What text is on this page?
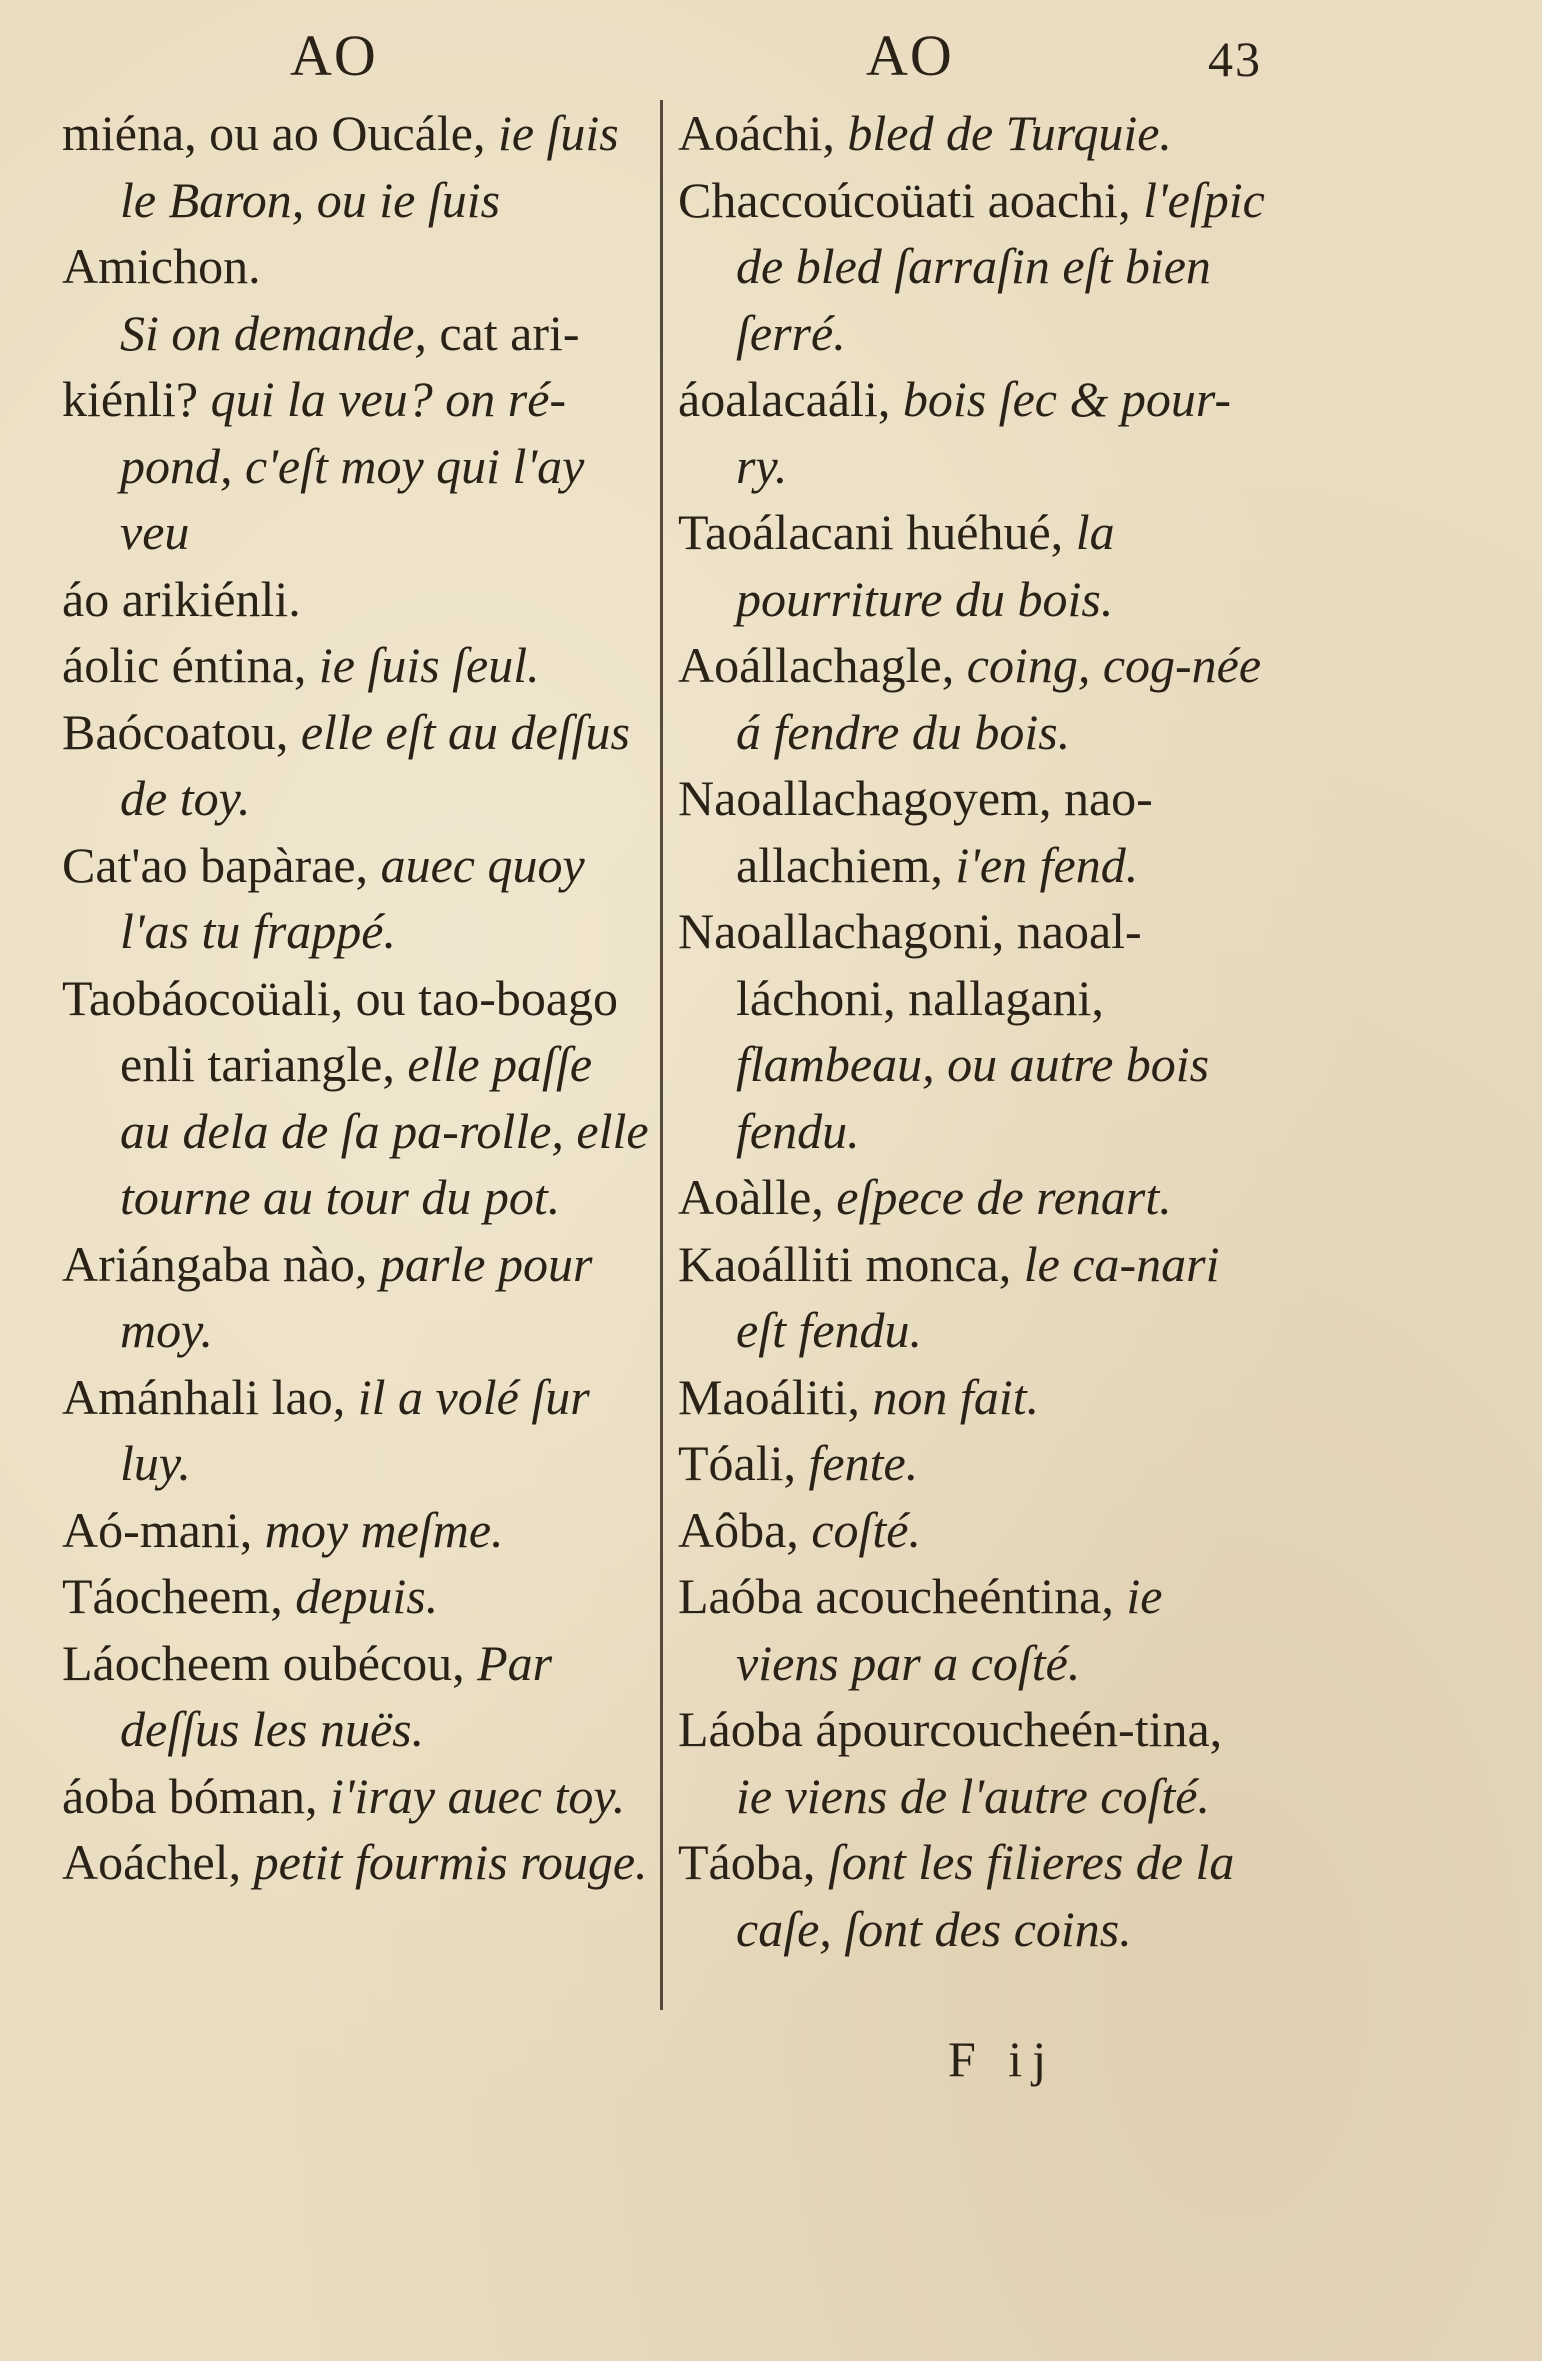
AO	AO	43

miéna, ou ao Oucále, ie ſuis le Baron, ou ie ſuis

Amichon.

Si on demande, cat ari-

kiénli? qui la veu? on ré-pond, c'eſt moy qui l'ay veu

áo arikiénli.

áolic éntina, ie ſuis ſeul.

Baócoatou, elle eſt au deſſus de toy.

Cat'ao bapàrae, auec quoy l'as tu frappé.

Taobáocoüali, ou tao-boago enli tariangle, elle paſſe au dela de ſa pa-rolle, elle tourne au tour du pot.

Ariángaba nào, parle pour moy.

Amánhali lao, il a volé ſur luy.

Aó-mani, moy meſme.

Táocheem, depuis.

Láocheem oubécou, Par deſſus les nuës.

áoba bóman, i'iray auec toy.

Aoáchel, petit fourmis rouge.

Aoáchi, bled de Turquie.

Chaccoúcoüati aoachi, l'eſpic de bled ſarraſin eſt bien ſerré.

áoalacaáli, bois ſec & pour-ry.

Taoálacani huéhué, la pourriture du bois.

Aoállachagle, coing, cog-née á fendre du bois.

Naoallachagoyem, nao-allachiem, i'en fend.

Naoallachagoni, naoal-láchoni, nallagani, flambeau, ou autre bois fendu.

Aoàlle, eſpece de renart.

Kaoálliti monca, le ca-nari eſt fendu.

Maoáliti, non fait.

Tóali, fente.

Aôba, coſté.

Laóba acoucheéntina, ie viens par a coſté.

Láoba ápourcoucheén-tina, ie viens de l'autre coſté.

Táoba, ſont les filieres de la caſe, ſont des coins.

F ij
